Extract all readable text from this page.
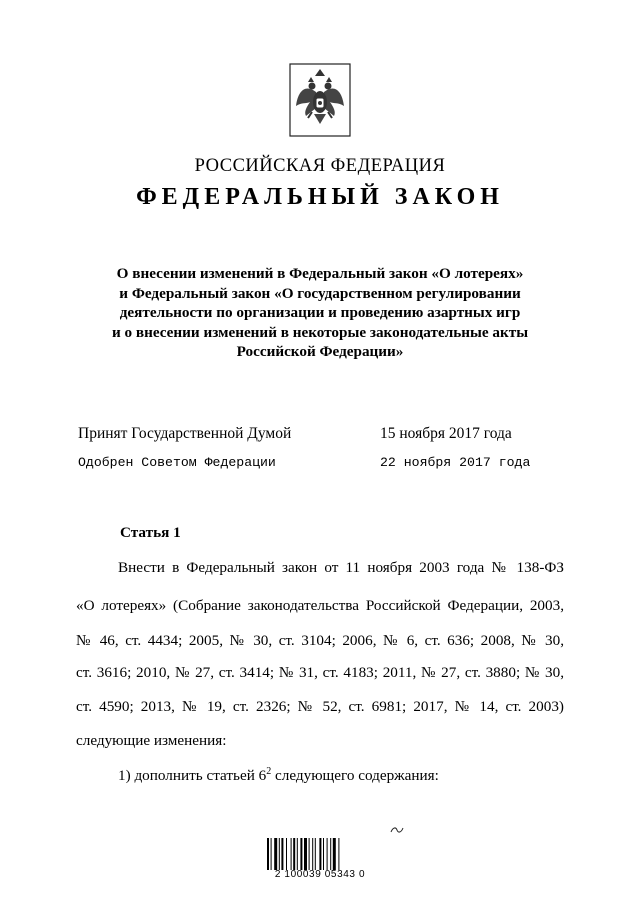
РОССИЙСКАЯ ФЕДЕРАЦИЯ
ФЕДЕРАЛЬНЫЙ ЗАКОН
О внесении изменений в Федеральный закон «О лотереях»
и Федеральный закон «О государственном регулировании
деятельности по организации и проведению азартных игр
и о внесении изменений в некоторые законодательные акты
Российской Федерации»
Принят Государственной Думой	15 ноября 2017 года
Одобрен Советом Федерации	22 ноября 2017 года
Статья 1
Внести в Федеральный закон от 11 ноября 2003 года № 138-ФЗ
«О лотереях» (Собрание законодательства Российской Федерации, 2003,
№ 46, ст. 4434; 2005, № 30, ст. 3104; 2006, № 6, ст. 636; 2008, № 30,
ст. 3616; 2010, № 27, ст. 3414; № 31, ст. 4183; 2011, № 27, ст. 3880; № 30,
ст. 4590; 2013, № 19, ст. 2326; № 52, ст. 6981; 2017, № 14, ст. 2003)
следующие изменения:
1) дополнить статьей $6^2$ следующего содержания:
2 100039 05343 0
